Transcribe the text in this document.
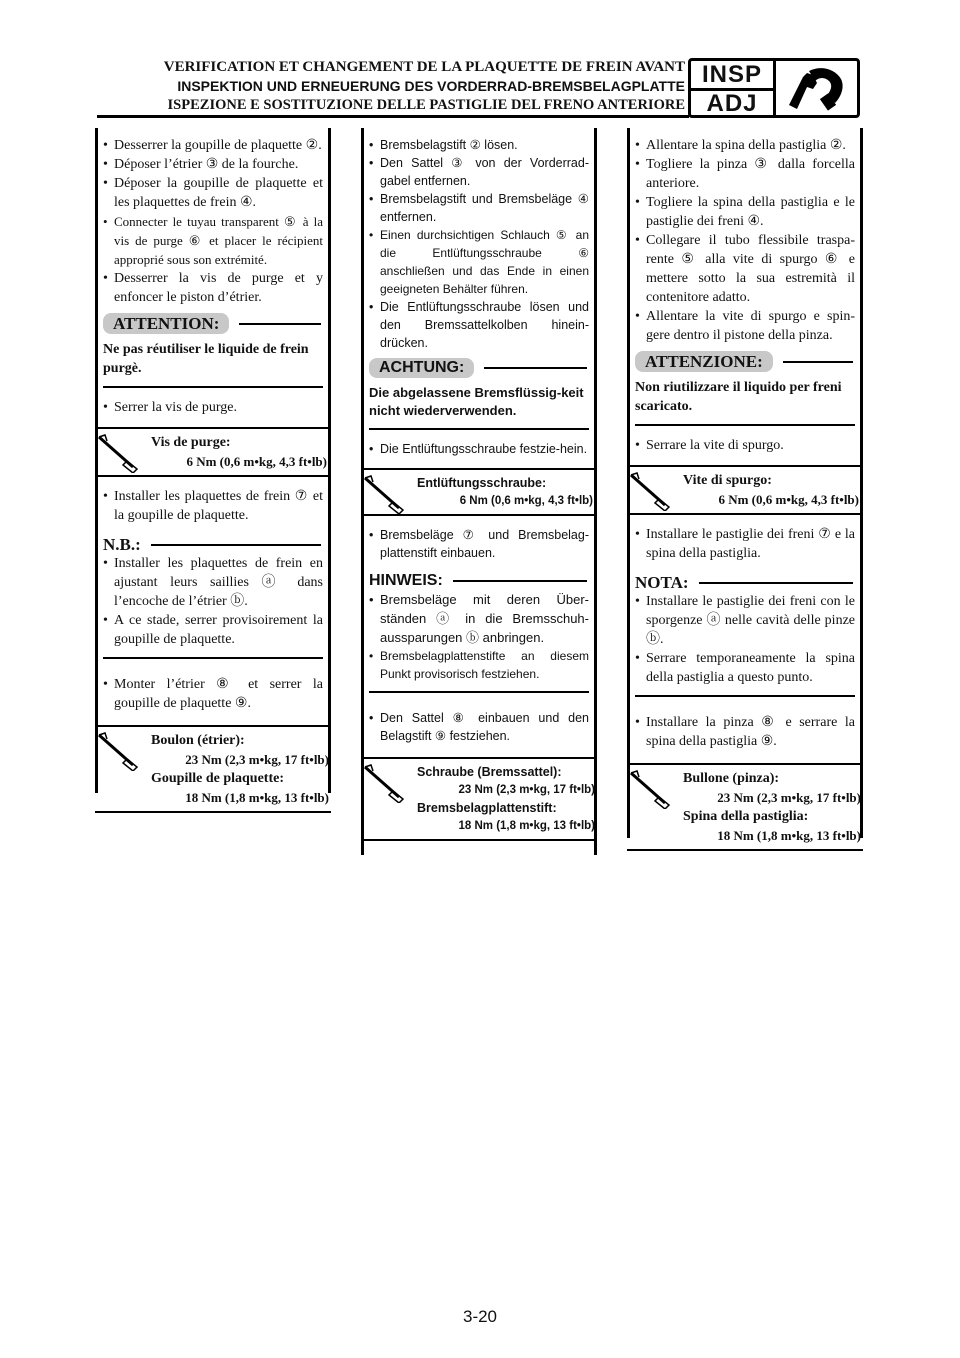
VERIFICATION ET CHANGEMENT DE LA PLAQUETTE DE FREIN AVANT
INSPEKTION UND ERNEUERUNG DES VORDERRAD-BREMSBELAGPLATTE
ISPEZIONE E SOSTITUZIONE DELLE PASTIGLIE DEL FRENO ANTERIORE
INSP
ADJ

• Desserrer la goupille de plaquette ②.

• Déposer l’étrier ③ de la fourche.

• Déposer la goupille de plaquette et les plaquettes de frein ④.

• Connecter le tuyau transparent ⑤ à la vis de purge ⑥ et placer le récipient approprié sous son extrémité.

• Desserrer la vis de purge et y enfoncer le piston d’étrier.

ATTENTION:
Ne pas réutiliser le liquide de frein purgè.

• Serrer la vis de purge.

Vis de purge:
6 Nm (0,6 m•kg, 4,3 ft•lb)

• Installer les plaquettes de frein ⑦ et la goupille de plaquette.

N.B.:

• Installer les plaquettes de frein en ajustant leurs saillies ⓐ dans l’encoche de l’étrier ⓑ.

• A ce stade, serrer provisoirement la goupille de plaquette.

• Monter l’étrier ⑧ et serrer la goupille de plaquette ⑨.

Boulon (étrier):
23 Nm (2,3 m•kg, 17 ft•lb)
Goupille de plaquette:
18 Nm (1,8 m•kg, 13 ft•lb)

• Bremsbelagstift ② lösen.

• Den Sattel ③ von der Vorderrad-gabel entfernen.

• Bremsbelagstift und Bremsbeläge ④ entfernen.

• Einen durchsichtigen Schlauch ⑤ an die Entlüftungsschraube ⑥ anschließen und das Ende in einen geeigneten Behälter führen.

• Die Entlüftungsschraube lösen und den Bremssattelkolben hinein-drücken.

ACHTUNG:
Die abgelassene Bremsflüssig-keit nicht wiederverwenden.

• Die Entlüftungsschraube festzie-hein.

Entlüftungsschraube:
6 Nm (0,6 m•kg, 4,3 ft•lb)

• Bremsbeläge ⑦ und Bremsbelag-plattenstift einbauen.

HINWEIS:

• Bremsbeläge mit deren Über-ständen ⓐ in die Bremsschuh-aussparungen ⓑ anbringen.

• Bremsbelagplattenstifte an diesem Punkt provisorisch festziehen.

• Den Sattel ⑧ einbauen und den Belagstift ⑨ festziehen.

Schraube (Bremssattel):
23 Nm (2,3 m•kg, 17 ft•lb)
Bremsbelagplattenstift:
18 Nm (1,8 m•kg, 13 ft•lb)

• Allentare la spina della pastiglia ②.

• Togliere la pinza ③ dalla forcella anteriore.

• Togliere la spina della pastiglia e le pastiglie dei freni ④.

• Collegare il tubo flessibile traspa-rente ⑤ alla vite di spurgo ⑥ e mettere sotto la sua estremità il contenitore adatto.

• Allentare la vite di spurgo e spin-gere dentro il pistone della pinza.

ATTENZIONE:
Non riutilizzare il liquido per freni scaricato.

• Serrare la vite di spurgo.

Vite di spurgo:
6 Nm (0,6 m•kg, 4,3 ft•lb)

• Installare le pastiglie dei freni ⑦ e la spina della pastiglia.

NOTA:

• Installare le pastiglie dei freni con le sporgenze ⓐ nelle cavità delle pinze ⓑ.

• Serrare temporaneamente la spina della pastiglia a questo punto.

• Installare la pinza ⑧ e serrare la spina della pastiglia ⑨.

Bullone (pinza):
23 Nm (2,3 m•kg, 17 ft•lb)
Spina della pastiglia:
18 Nm (1,8 m•kg, 13 ft•lb)
3-20
